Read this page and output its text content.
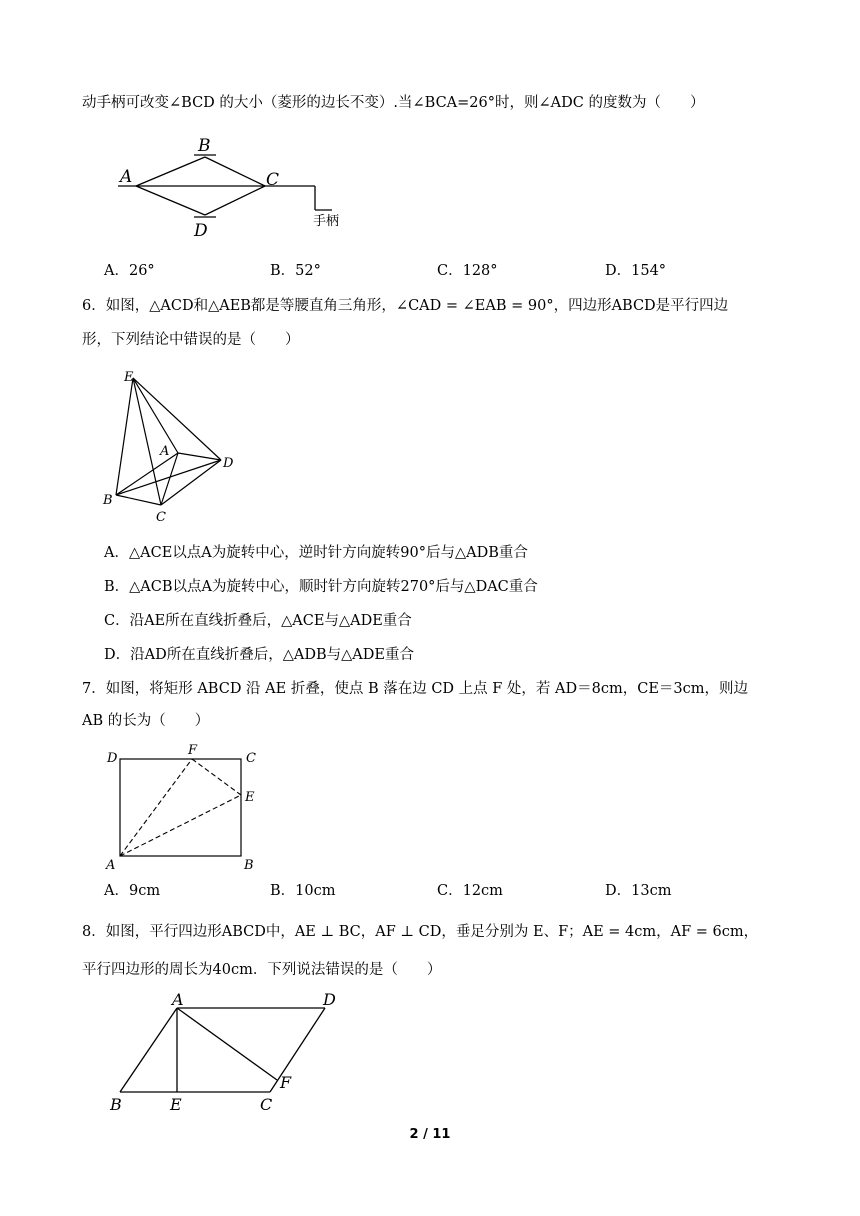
动手柄可改变∠BCD 的大小（菱形的边长不变）.当∠BCA=26°时，则∠ADC 的度数为（　　）
A
B
C
D	手柄
A．26°	B．52°	C．128°	D．154°
6．如图，△ACD和△AEB都是等腰直角三角形，∠CAD = ∠EAB = 90°，四边形ABCD是平行四边
形，下列结论中错误的是（　　）
E
A
D
B
C
A．△ACE以点A为旋转中心，逆时针方向旋转90°后与△ADB重合
B．△ACB以点A为旋转中心，顺时针方向旋转270°后与△DAC重合
C．沿AE所在直线折叠后，△ACE与△ADE重合
D．沿AD所在直线折叠后，△ADB与△ADE重合
7．如图，将矩形 ABCD 沿 AE 折叠，使点 B 落在边 CD 上点 F 处，若 AD＝8cm，CE＝3cm，则边
AB 的长为（　　）
D
F
C
E
A	B
A．9cm	B．10cm	C．12cm	D．13cm
8．如图，平行四边形ABCD中，AE ⊥ BC，AF ⊥ CD，垂足分别为 E、F；AE = 4cm，AF = 6cm，
平行四边形的周长为40cm．下列说法错误的是（　　）
A	D
F
B	E	C
2 / 11
